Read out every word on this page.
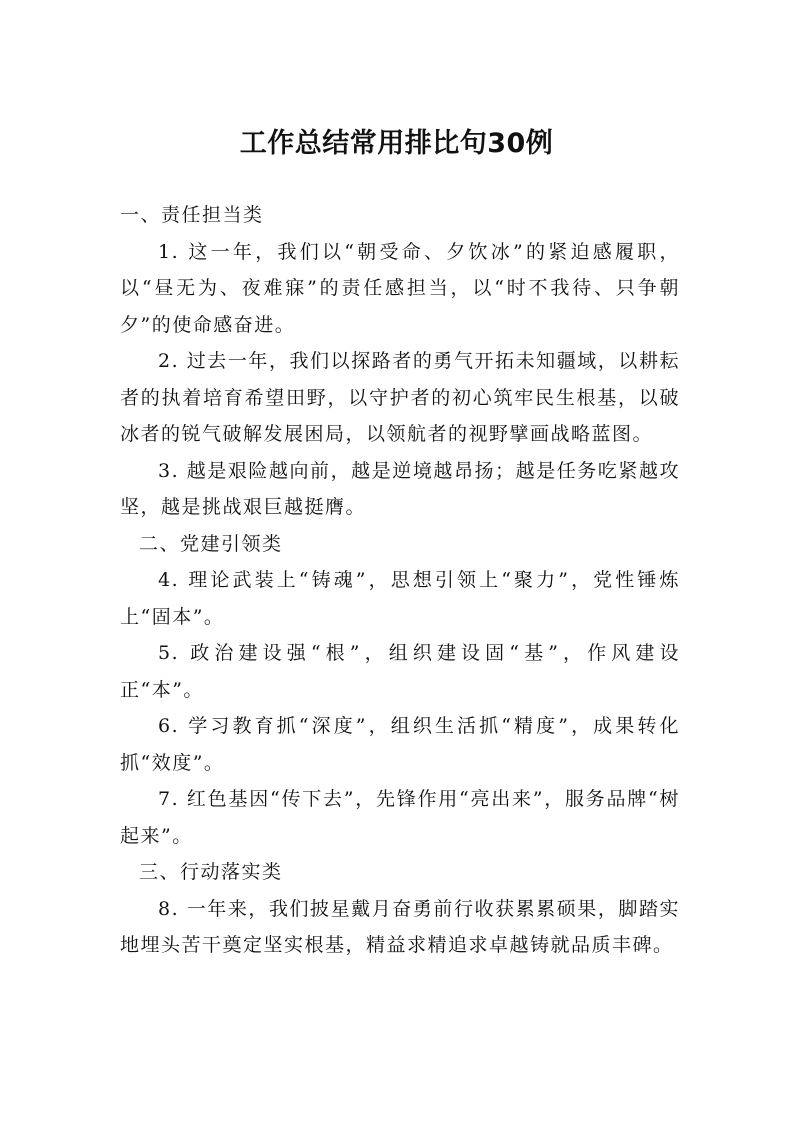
工作总结常用排比句30例

一、责任担当类

1. 这一年，我们以“朝受命、夕饮冰”的紧迫感履职，以“昼无为、夜难寐”的责任感担当，以“时不我待、只争朝夕”的使命感奋进。

2. 过去一年，我们以探路者的勇气开拓未知疆域，以耕耘者的执着培育希望田野，以守护者的初心筑牢民生根基，以破冰者的锐气破解发展困局，以领航者的视野擘画战略蓝图。

3. 越是艰险越向前，越是逆境越昂扬；越是任务吃紧越攻坚，越是挑战艰巨越挺膺。

二、党建引领类

4. 理论武装上“铸魂”，思想引领上“聚力”，党性锤炼上“固本”。

5. 政治建设强“根”，组织建设固“基”，作风建设正“本”。

6. 学习教育抓“深度”，组织生活抓“精度”，成果转化抓“效度”。

7. 红色基因“传下去”，先锋作用“亮出来”，服务品牌“树起来”。

三、行动落实类

8. 一年来，我们披星戴月奋勇前行收获累累硕果，脚踏实地埋头苦干奠定坚实根基，精益求精追求卓越铸就品质丰碑。
